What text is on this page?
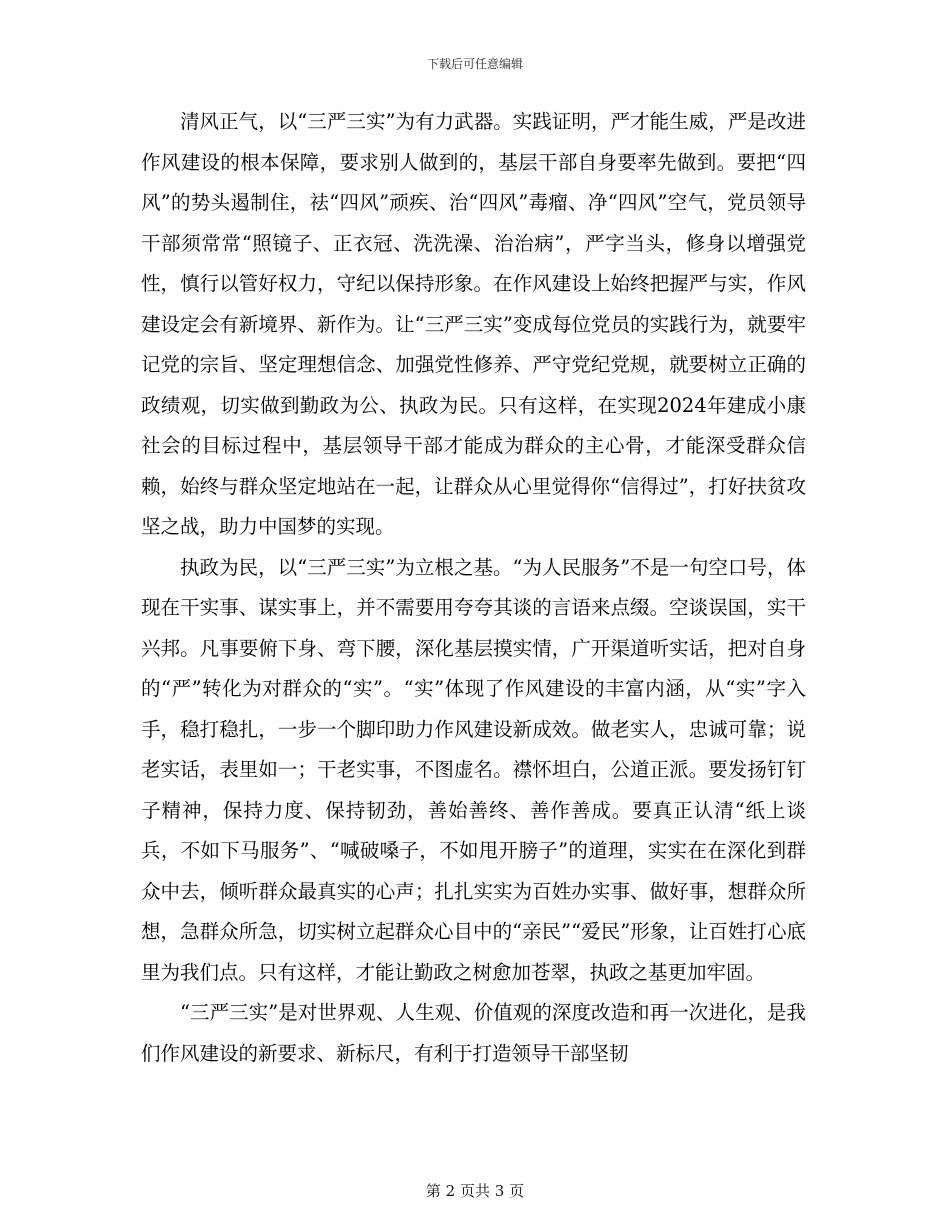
下载后可任意编辑

清风正气，以“三严三实”为有力武器。实践证明，严才能生威，严是改进作风建设的根本保障，要求别人做到的，基层干部自身要率先做到。要把“四风”的势头遏制住，祛“四风”顽疾、治“四风”毒瘤、净“四风”空气，党员领导干部须常常“照镜子、正衣冠、洗洗澡、治治病”，严字当头，修身以增强党性，慎行以管好权力，守纪以保持形象。在作风建设上始终把握严与实，作风建设定会有新境界、新作为。让“三严三实”变成每位党员的实践行为，就要牢记党的宗旨、坚定理想信念、加强党性修养、严守党纪党规，就要树立正确的政绩观，切实做到勤政为公、执政为民。只有这样，在实现2024年建成小康社会的目标过程中，基层领导干部才能成为群众的主心骨，才能深受群众信赖，始终与群众坚定地站在一起，让群众从心里觉得你“信得过”，打好扶贫攻坚之战，助力中国梦的实现。

执政为民，以“三严三实”为立根之基。“为人民服务”不是一句空口号，体现在干实事、谋实事上，并不需要用夸夸其谈的言语来点缀。空谈误国，实干兴邦。凡事要俯下身、弯下腰，深化基层摸实情，广开渠道听实话，把对自身的“严”转化为对群众的“实”。“实”体现了作风建设的丰富内涵，从“实”字入手，稳打稳扎，一步一个脚印助力作风建设新成效。做老实人，忠诚可靠；说老实话，表里如一；干老实事，不图虚名。襟怀坦白，公道正派。要发扬钉钉子精神，保持力度、保持韧劲，善始善终、善作善成。要真正认清“纸上谈兵，不如下马服务”、“喊破嗓子，不如甩开膀子”的道理，实实在在深化到群众中去，倾听群众最真实的心声；扎扎实实为百姓办实事、做好事，想群众所想，急群众所急，切实树立起群众心目中的“亲民”“爱民”形象，让百姓打心底里为我们点。只有这样，才能让勤政之树愈加苍翠，执政之基更加牢固。

“三严三实”是对世界观、人生观、价值观的深度改造和再一次进化，是我们作风建设的新要求、新标尺，有利于打造领导干部坚韧

第 2 页共 3 页
